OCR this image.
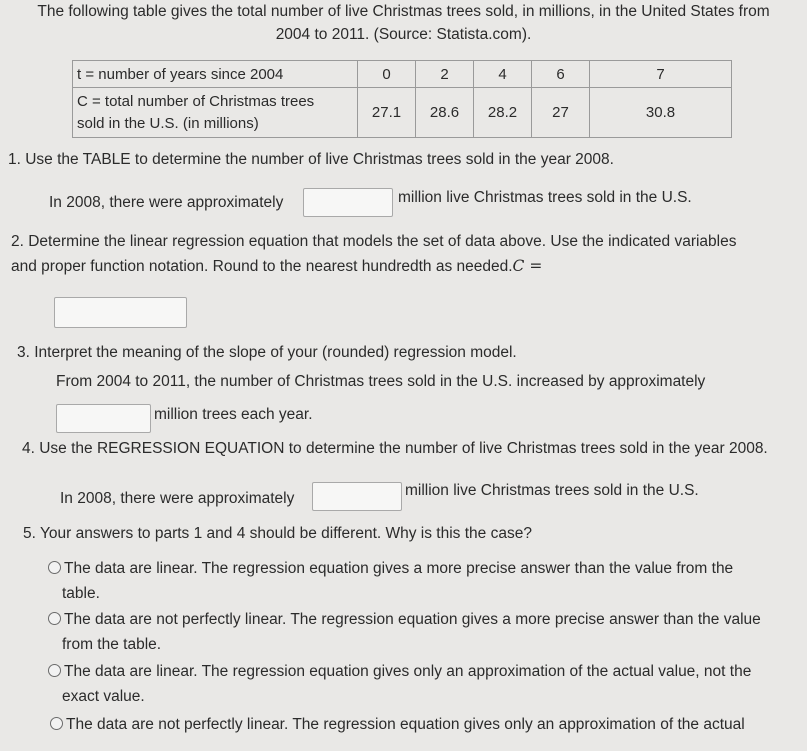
The following table gives the total number of live Christmas trees sold, in millions, in the United States from
2004 to 2011. (Source: Statista.com).
t = number of years since 2004	0	2	4	6	7

C = total number of Christmas trees
sold in the U.S. (in millions)	27.1	28.6	28.2	27	30.8
1. Use the TABLE to determine the number of live Christmas trees sold in the year 2008.
In 2008, there were approximately	million live Christmas trees sold in the U.S.
2. Determine the linear regression equation that models the set of data above. Use the indicated variables
and proper function notation. Round to the nearest hundredth as needed.C =
3. Interpret the meaning of the slope of your (rounded) regression model.
From 2004 to 2011, the number of Christmas trees sold in the U.S. increased by approximately
million trees each year.
4. Use the REGRESSION EQUATION to determine the number of live Christmas trees sold in the year 2008.
In 2008, there were approximately	million live Christmas trees sold in the U.S.
5. Your answers to parts 1 and 4 should be different. Why is this the case?
The data are linear. The regression equation gives a more precise answer than the value from the
table.
The data are not perfectly linear. The regression equation gives a more precise answer than the value
from the table.
The data are linear. The regression equation gives only an approximation of the actual value, not the
exact value.
The data are not perfectly linear. The regression equation gives only an approximation of the actual
